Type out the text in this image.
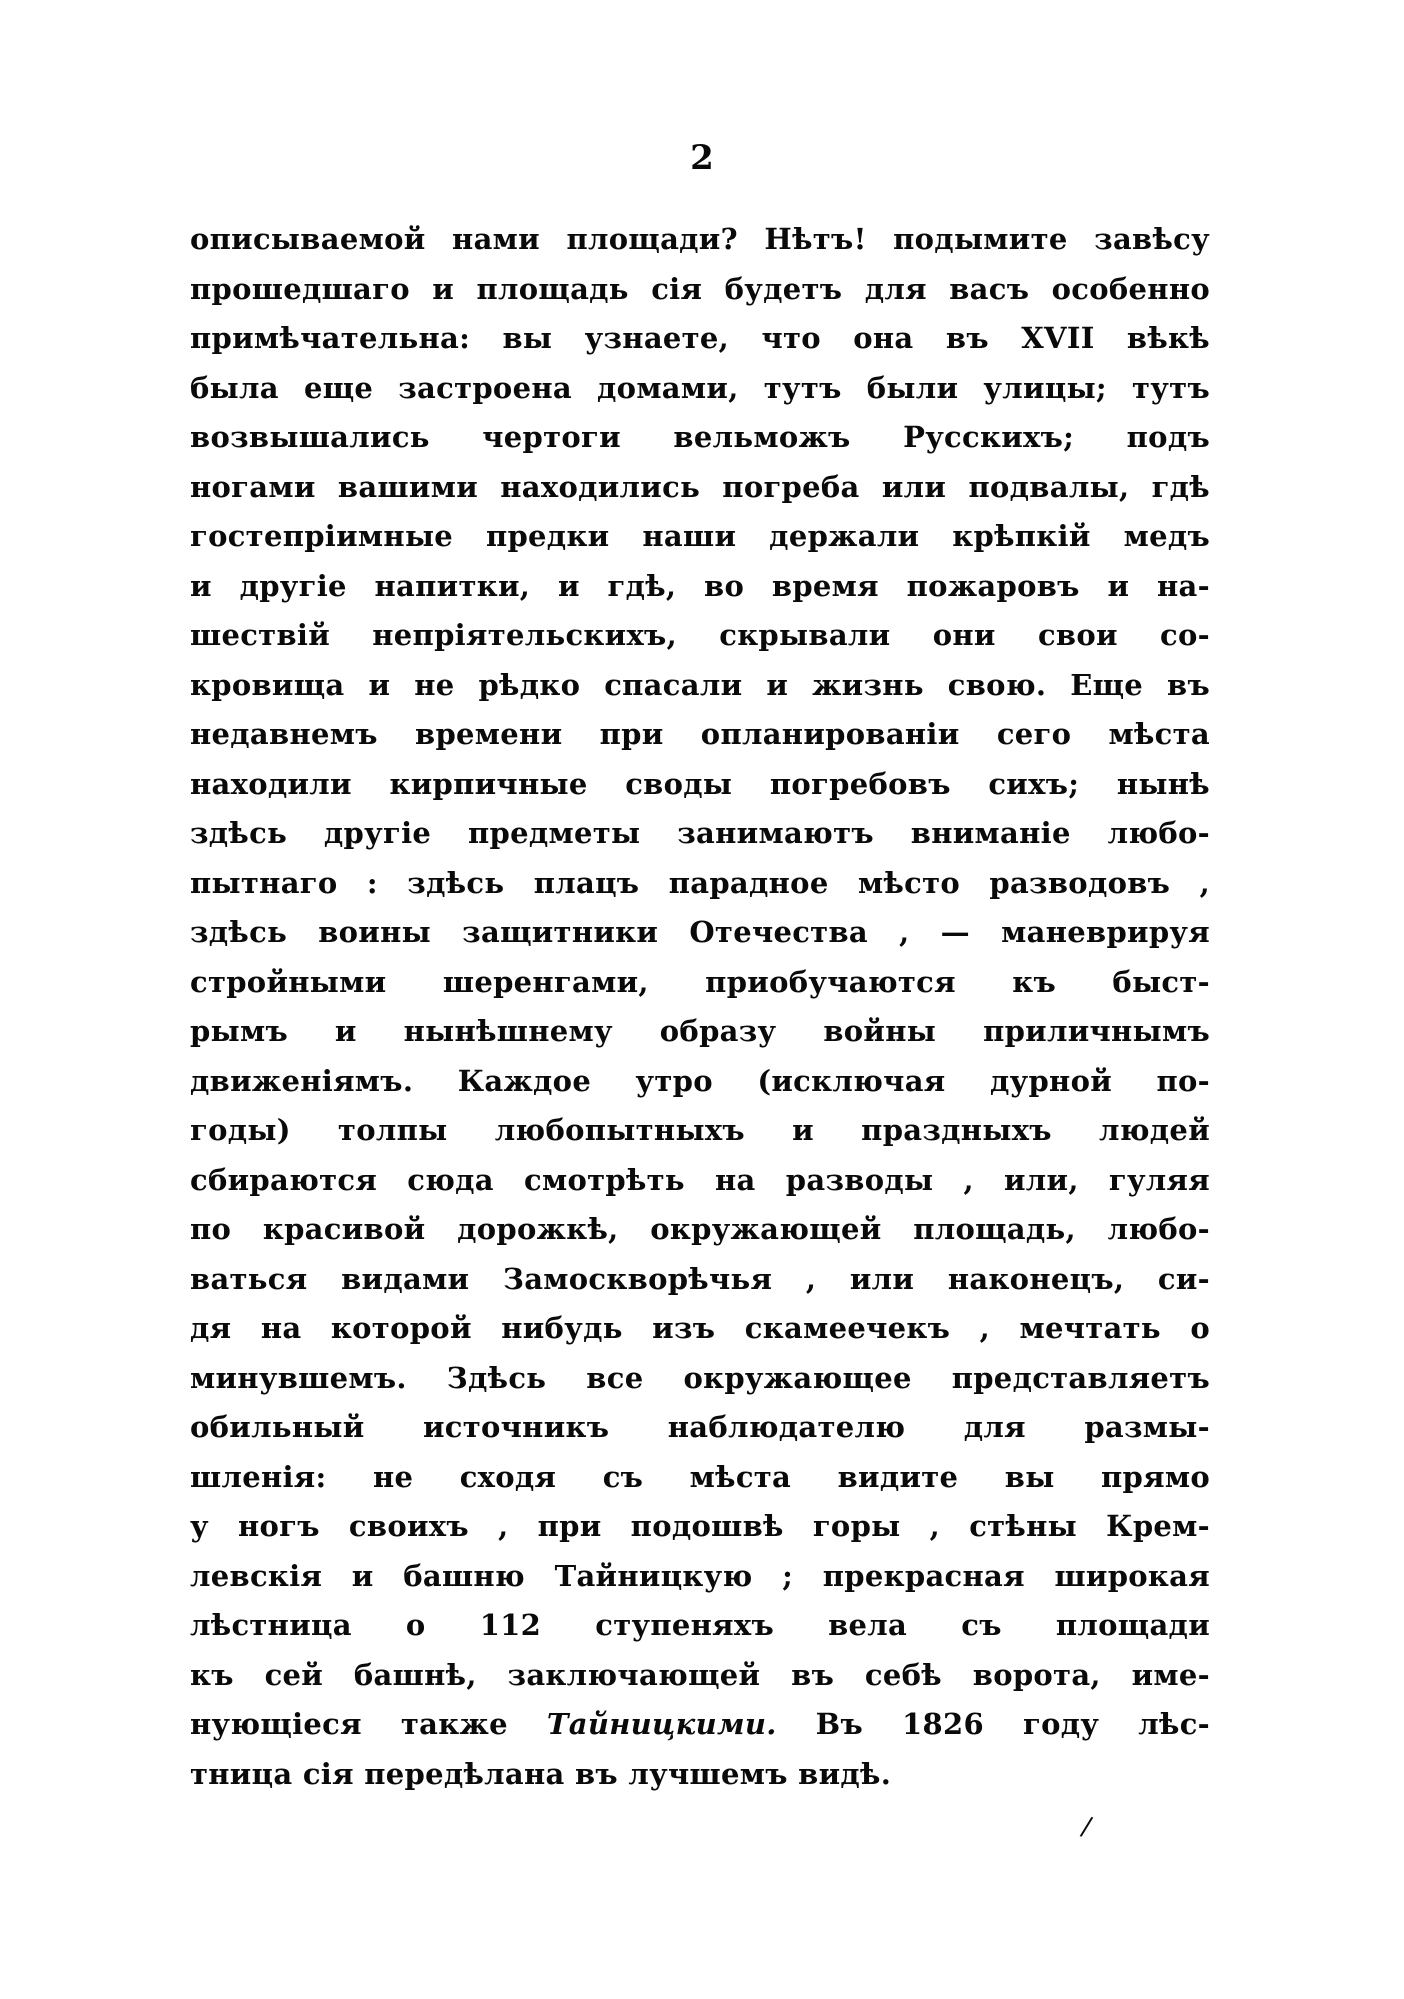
2
описываемой нами площади? Нѣтъ! подымите завѣсу
прошедшаго и площадь сія будетъ для васъ особенно
примѣчательна: вы узнаете, что она въ XVII вѣкѣ
была еще застроена домами, тутъ были улицы; тутъ
возвышались чертоги вельможъ Русскихъ; подъ
ногами вашими находились погреба или подвалы, гдѣ
гостепріимные предки наши держали крѣпкій медъ
и другіе напитки, и гдѣ, во время пожаровъ и на-
шествій непріятельскихъ, скрывали они свои со-
кровища и не рѣдко спасали и жизнь свою. Еще въ
недавнемъ времени при опланированіи сего мѣста
находили кирпичные своды погребовъ сихъ; нынѣ
здѣсь другіе предметы занимаютъ вниманіе любо-
пытнаго : здѣсь плацъ парадное мѣсто разводовъ ,
здѣсь воины защитники Отечества , — маневрируя
стройными шеренгами, приобучаются къ быст-
рымъ и нынѣшнему образу войны приличнымъ
движеніямъ. Каждое утро (исключая дурной по-
годы) толпы любопытныхъ и праздныхъ людей
сбираются сюда смотрѣть на разводы , или, гуляя
по красивой дорожкѣ, окружающей площадь, любо-
ваться видами Замоскворѣчья , или наконецъ, си-
дя на которой нибудь изъ скамеечекъ , мечтать о
минувшемъ. Здѣсь все окружающее представляетъ
обильный источникъ наблюдателю для размы-
шленія: не сходя съ мѣста видите вы прямо
у ногъ своихъ , при подошвѣ горы , стѣны Крем-
левскія и башню Тайницкую ; прекрасная широкая
лѣстница о 112 ступеняхъ вела съ площади
къ сей башнѣ, заключающей въ себѣ ворота, име-
нующіеся также Тайницкими. Въ 1826 году лѣс-
тница сія передѣлана въ лучшемъ видѣ.
/
